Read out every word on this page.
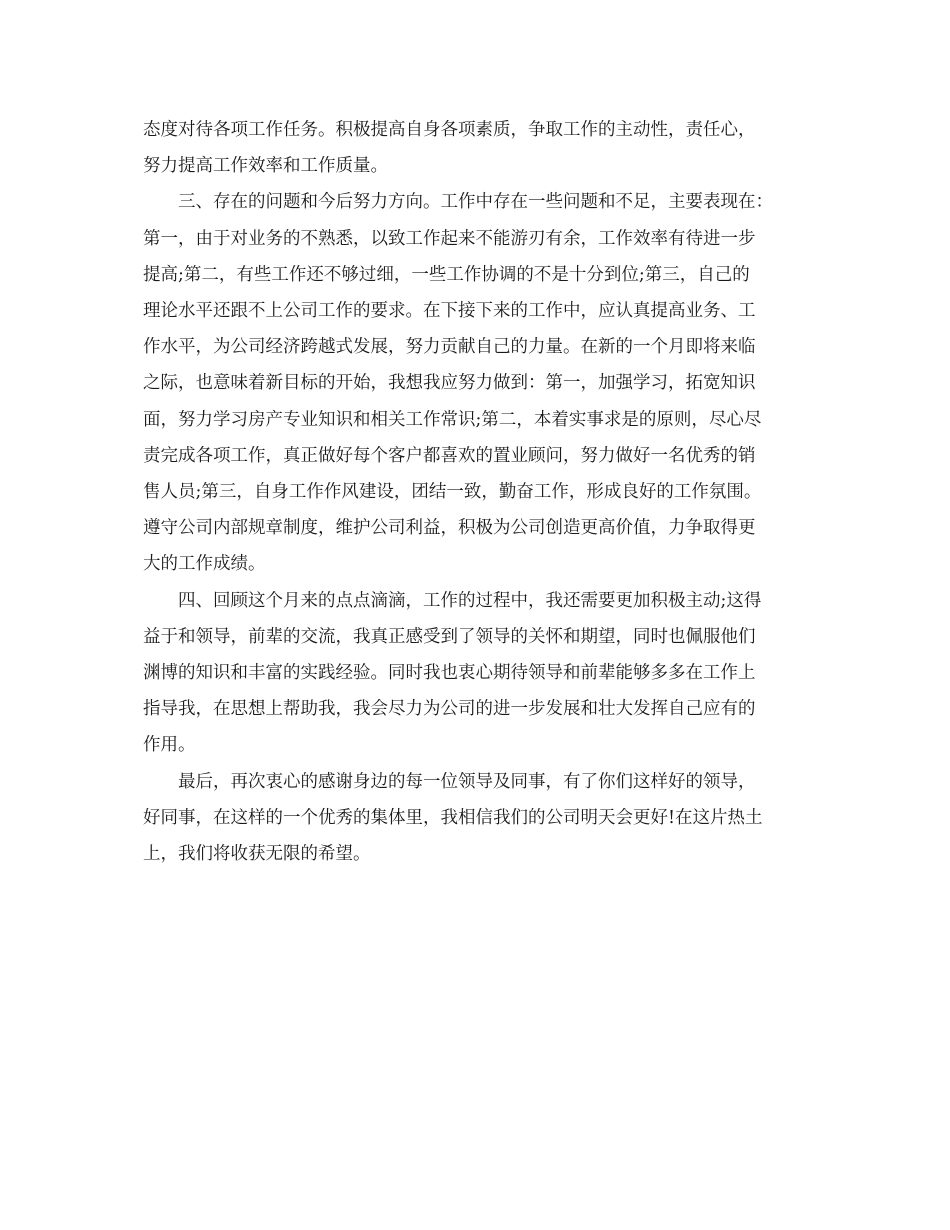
态度对待各项工作任务。积极提高自身各项素质，争取工作的主动性，责任心，
努力提高工作效率和工作质量。
三、存在的问题和今后努力方向。工作中存在一些问题和不足，主要表现在：
第一，由于对业务的不熟悉，以致工作起来不能游刃有余，工作效率有待进一步
提高;第二，有些工作还不够过细，一些工作协调的不是十分到位;第三，自己的
理论水平还跟不上公司工作的要求。在下接下来的工作中，应认真提高业务、工
作水平，为公司经济跨越式发展，努力贡献自己的力量。在新的一个月即将来临
之际，也意味着新目标的开始，我想我应努力做到：第一，加强学习，拓宽知识
面，努力学习房产专业知识和相关工作常识;第二，本着实事求是的原则，尽心尽
责完成各项工作，真正做好每个客户都喜欢的置业顾问，努力做好一名优秀的销
售人员;第三，自身工作作风建设，团结一致，勤奋工作，形成良好的工作氛围。
遵守公司内部规章制度，维护公司利益，积极为公司创造更高价值，力争取得更
大的工作成绩。
四、回顾这个月来的点点滴滴，工作的过程中，我还需要更加积极主动;这得
益于和领导，前辈的交流，我真正感受到了领导的关怀和期望，同时也佩服他们
渊博的知识和丰富的实践经验。同时我也衷心期待领导和前辈能够多多在工作上
指导我，在思想上帮助我，我会尽力为公司的进一步发展和壮大发挥自己应有的
作用。
最后，再次衷心的感谢身边的每一位领导及同事，有了你们这样好的领导，
好同事，在这样的一个优秀的集体里，我相信我们的公司明天会更好!在这片热土
上，我们将收获无限的希望。
